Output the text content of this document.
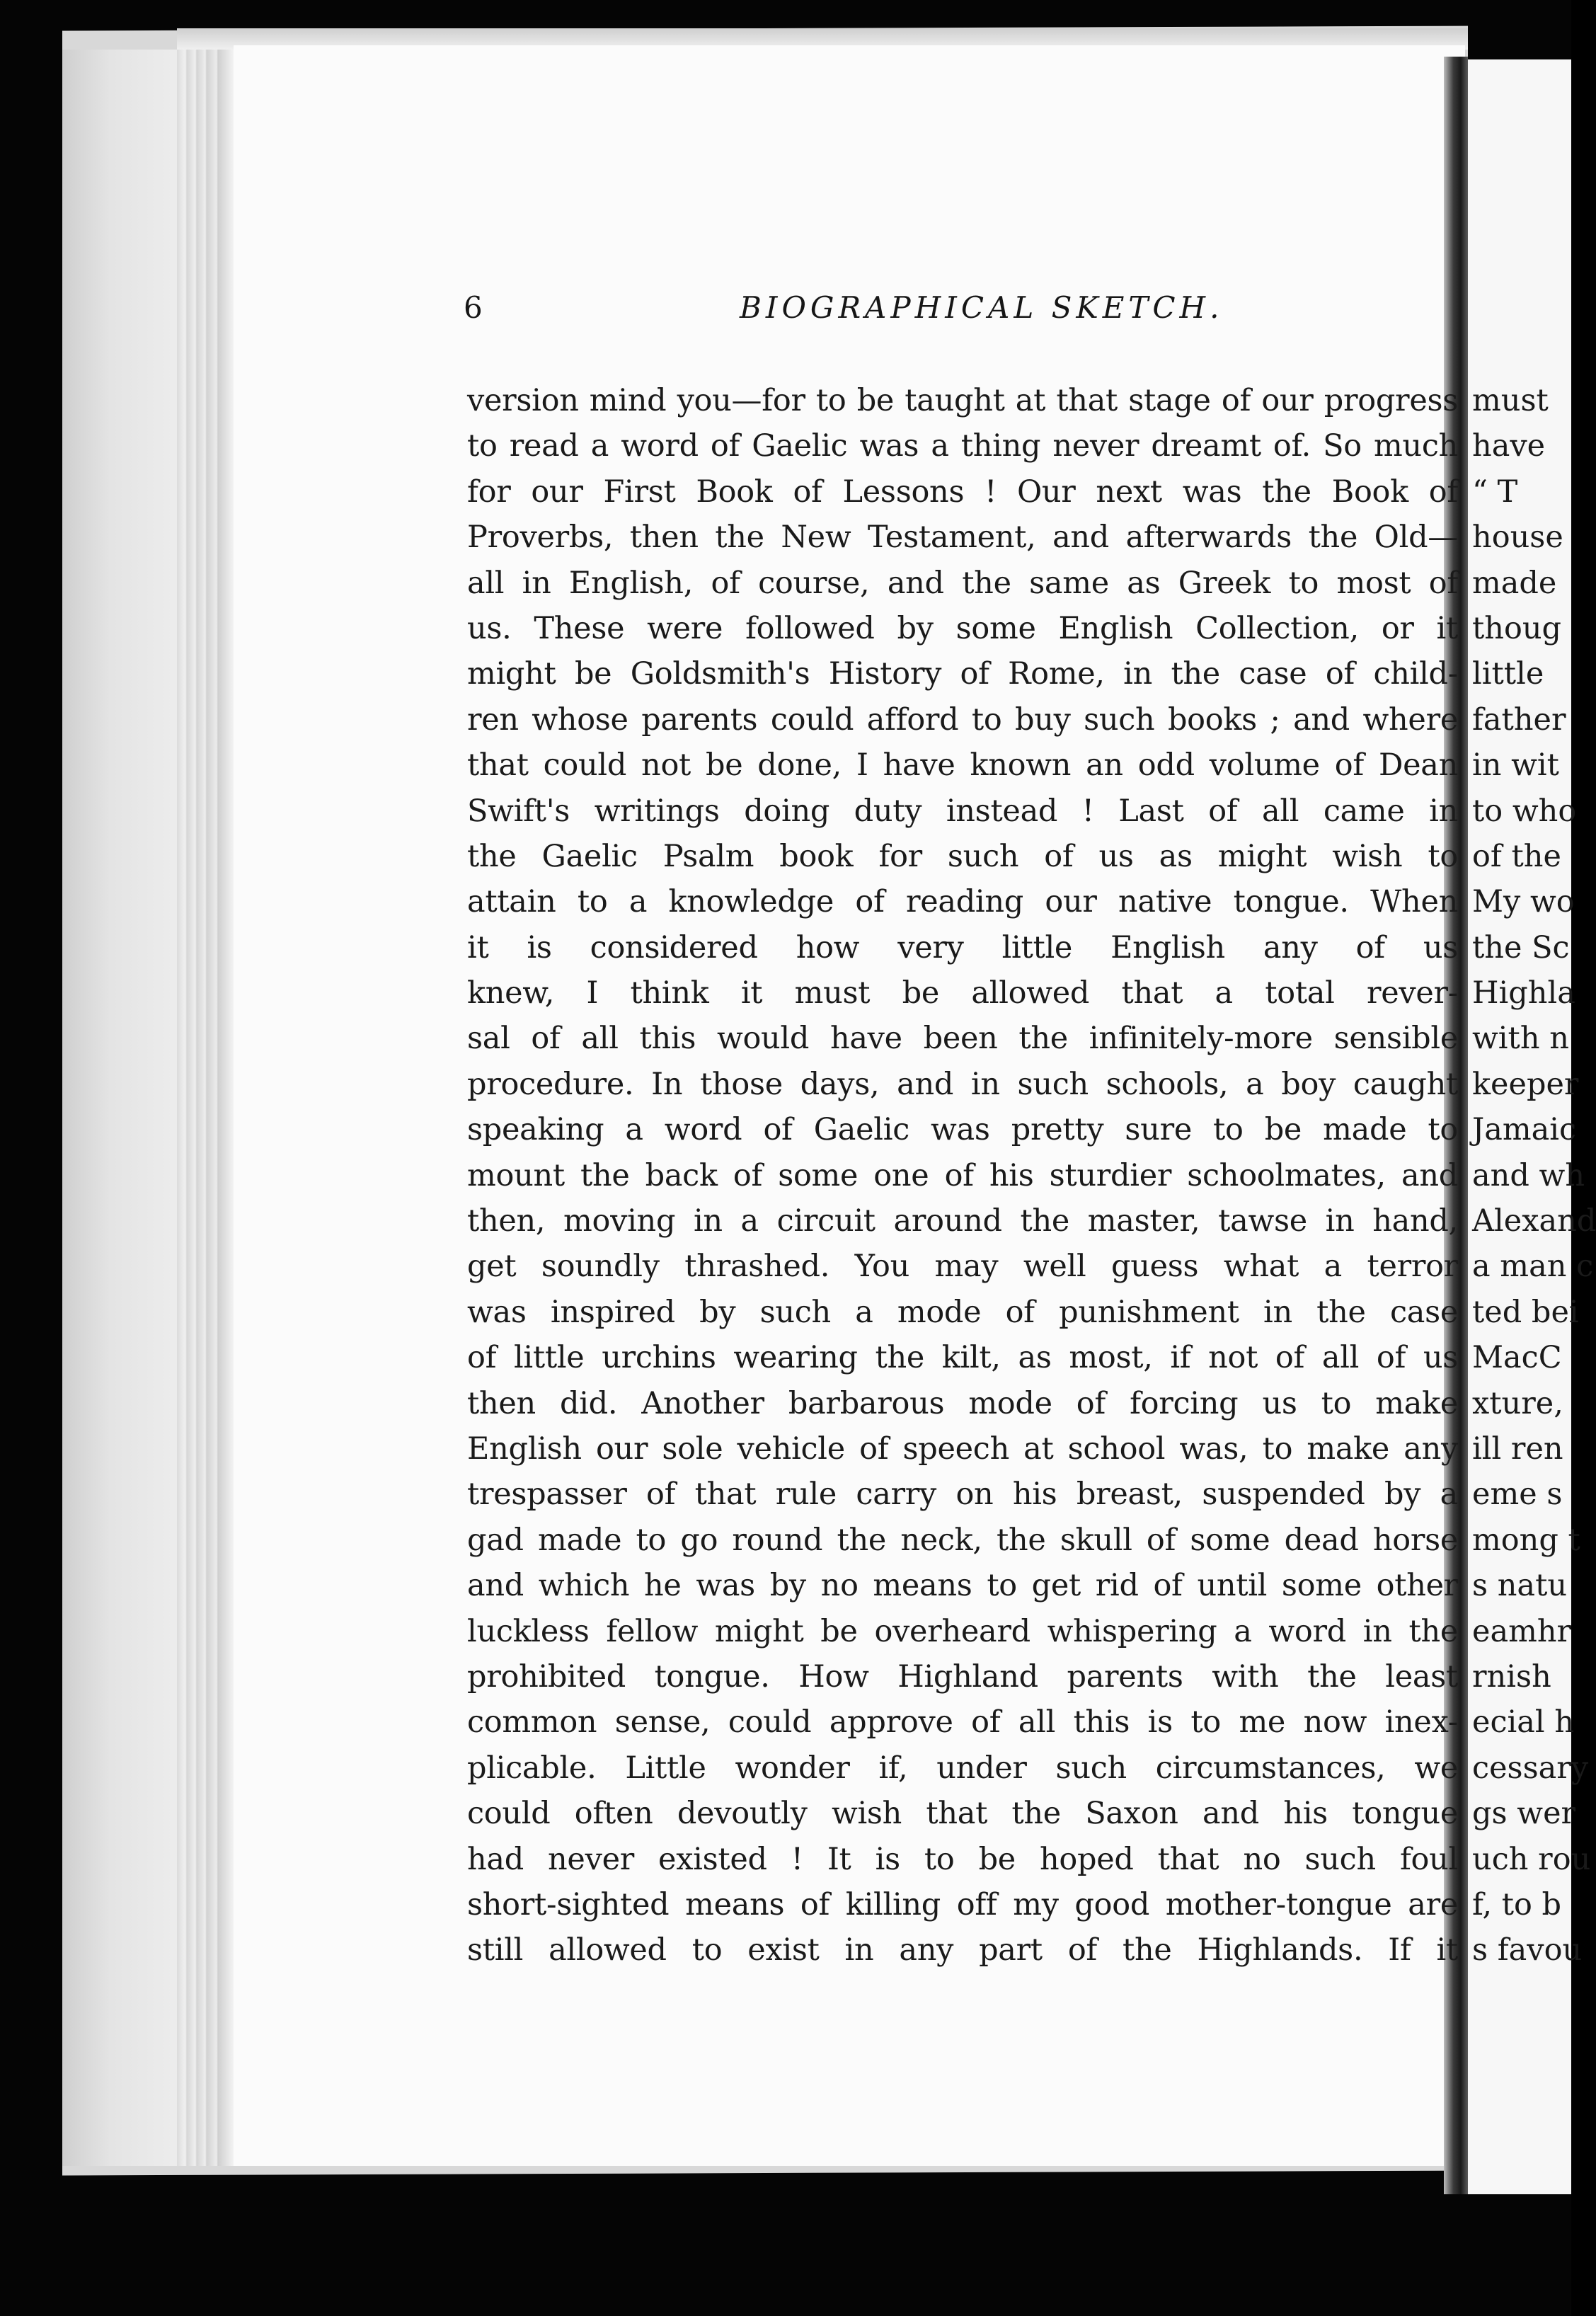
6	BIOGRAPHICAL SKETCH.
version mind you—for to be taught at that stage of our progress
to read a word of Gaelic was a thing never dreamt of. So much
for our First Book of Lessons ! Our next was the Book of
Proverbs, then the New Testament, and afterwards the Old—
all in English, of course, and the same as Greek to most of
us. These were followed by some English Collection, or it
might be Goldsmith's History of Rome, in the case of child-
ren whose parents could afford to buy such books ; and where
that could not be done, I have known an odd volume of Dean
Swift's writings doing duty instead ! Last of all came in
the Gaelic Psalm book for such of us as might wish to
attain to a knowledge of reading our native tongue. When
it is considered how very little English any of us
knew, I think it must be allowed that a total rever-
sal of all this would have been the infinitely-more sensible
procedure. In those days, and in such schools, a boy caught
speaking a word of Gaelic was pretty sure to be made to
mount the back of some one of his sturdier schoolmates, and
then, moving in a circuit around the master, tawse in hand,
get soundly thrashed. You may well guess what a terror
was inspired by such a mode of punishment in the case
of little urchins wearing the kilt, as most, if not of all of us
then did. Another barbarous mode of forcing us to make
English our sole vehicle of speech at school was, to make any
trespasser of that rule carry on his breast, suspended by a
gad made to go round the neck, the skull of some dead horse
and which he was by no means to get rid of until some other
luckless fellow might be overheard whispering a word in the
prohibited tongue. How Highland parents with the least
common sense, could approve of all this is to me now inex-
plicable. Little wonder if, under such circumstances, we
could often devoutly wish that the Saxon and his tongue
had never existed ! It is to be hoped that no such foul
short-sighted means of killing off my good mother-tongue are
still allowed to exist in any part of the Highlands. If it
must
have
“ T
house
made
thoug
little
father
in wit
to who
of the
My wo
the Sc
Highla
with n
keeper
Jamaic
and wh
Alexand
a man c
ted bei
MacC
xture,
ill ren
eme s
mong t
s natu
eamhr
rnish
ecial h
cessary
gs wer
uch rou
f, to b
s favou
